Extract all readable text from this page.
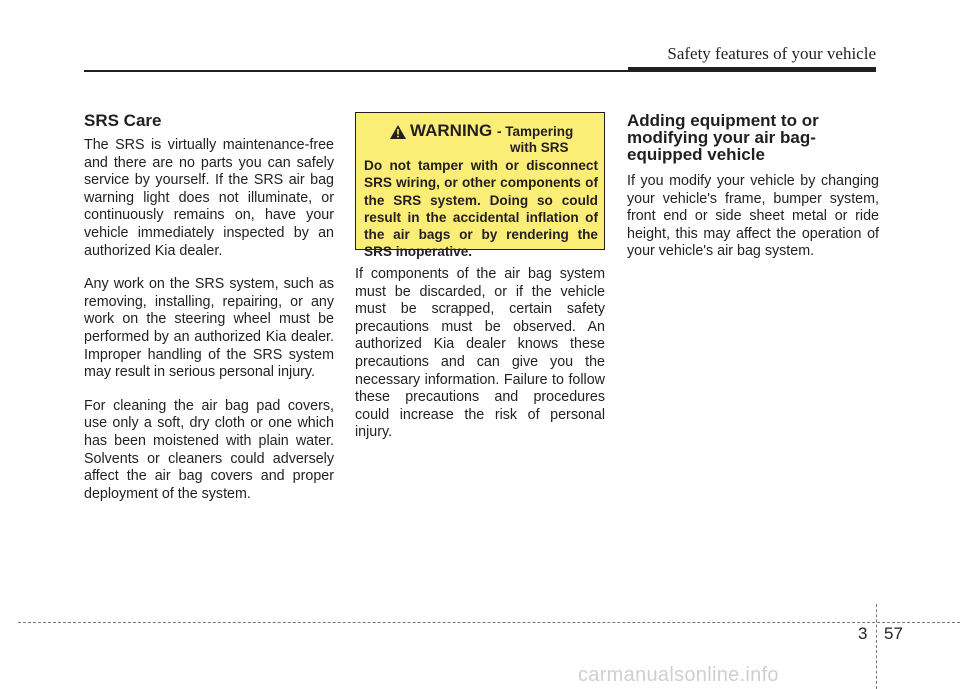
Safety features of your vehicle
SRS Care

The SRS is virtually maintenance-free and there are no parts you can safely service by yourself. If the SRS air bag warning light does not illuminate, or continuously remains on, have your vehicle immediately inspected by an authorized Kia dealer.

Any work on the SRS system, such as removing, installing, repairing, or any work on the steering wheel must be performed by an authorized Kia dealer. Improper handling of the SRS system may result in serious personal injury.

For cleaning the air bag pad covers, use only a soft, dry cloth or one which has been moistened with plain water. Solvents or cleaners could adversely affect the air bag covers and proper deployment of the system.

WARNING - Tampering
with SRS

Do not tamper with or disconnect SRS wiring, or other components of the SRS system. Doing so could result in the accidental inflation of the air bags or by rendering the SRS inoperative.

If components of the air bag system must be discarded, or if the vehicle must be scrapped, certain safety precautions must be observed. An authorized Kia dealer knows these precautions and can give you the necessary information. Failure to follow these precautions and procedures could increase the risk of personal injury.

Adding equipment to or modifying your air bag-equipped vehicle

If you modify your vehicle by changing your vehicle's frame, bumper system, front end or side sheet metal or ride height, this may affect the operation of your vehicle's air bag system.

3 57
carmanualsonline.info
